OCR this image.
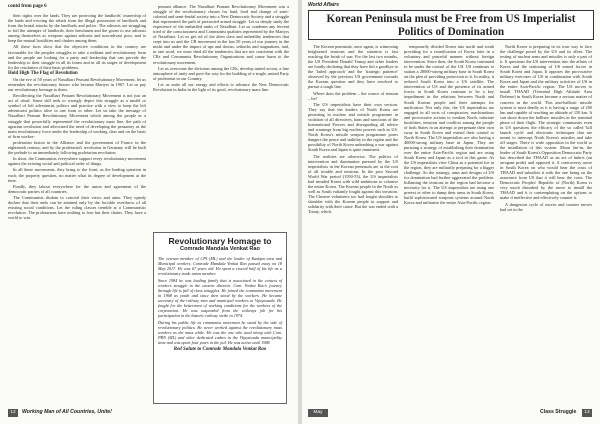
contd from page 6

their rights over the lands. They are protecting the landlords' ownership of the lands and evicting the tribals from the illegal possession of landlords and from the brutal attacks by the landlords and police. The adivasis are struggling to foil the attempts of landlords, their henchmen and the goons to use adivasis among themselves as weapons against adivasis and non-adivasi poor, and to keep the mutual hostilities and clashes among them.

All these facts show that the objective conditions in the country are favourable for the peoples struggles to take a militant and revolutionary form and the people are looking for a party and leadership that can provide the leadership to their struggle in all its forms and in all its stages of development for the resolution of their basic problems.

Hold High The Flag of Revolution

On the eve of 50 years of Naxalbari Peasant Revolutionary Movement, let us remember the revolutionary heroes who became Martyrs in 1967. Let us pay our revolutionary homage to them.

Recollecting the Naxalbari Peasant Revolutionary Movement is not just an act of ritual. Some still seek to wrongly depict this struggle as a model or symbol of left adventurist politics and practice with a view to keep the left adventurist politics alive in one form or other. Let us take the message of Naxalbari Peasant Revolutionary Movement which among the people as a struggle that powerfully represented the revolutionary mass line, the path of agrarian revolution and advocated the need of developing the peasantry as the main revolutionary force under the leadership of working class and on the basis of firm worker-

proletarian fusion in the Alliance and the government of France in the eighteenth century, and by the proletariat's revolution in Germany will be built the prelude to an immediately following proletarian revolution.

In short, the Communists everywhere support every revolutionary movement against the existing social and political order of things.

In all these movements, they bring to the front, as the leading question in each, the property question, no matter what its degree of development at the time.

Finally, they labour everywhere for the union and agreement of the democratic parties of all countries.

The Communists disdain to conceal their views and aims. They openly declare that their ends can be attained only by the forcible overthrow of all existing social conditions. Let the ruling classes tremble at a Communistic revolution. The proletarians have nothing to lose but their chains. They have a world to win.

peasant alliance. The Naxalbari Peasant Revolutionary Movement was a struggle of the revolutionary classes for land, food and change of semi-colonial and semi-feudal society into a New Democratic Society and a struggle that represented the path of protracted armed struggle. Let us deeply study the experience of the embattled ranks of Naxalbari. Let us condemn any fervent tried of the consciousness and Communist qualities represented by the Martyrs of Naxalbari. Let us get rid of the alien class and unhealthy tendencies that crept into us and the CR movement in the last 50 years of our journey in the midst and under the impact of ups and downs, setbacks and stagnations, and, in one word, we must shed all the tendencies that are not consistent with the CRs and Communist Revolutionary Organisations and cause harm to the revolutionary movement.

Let us overcome the divisions among the CRs, develop united action, a fine atmosphere of unity and pave the way for the building of a single, united Party of proletariat in our Country.

Let us unite all our energy and efforts to advance the New Democratic Revolution in India in the light of its good, revolutionary mass line.

Revolutionary Homage to
Comrade Mandala Venkat Rao

The veteran member of CPI (ML) and the leader of Kadapa area and Municipal workers, Comrade Mandala Venkat Rao passed away on 18 May 2017. He was 67 years old. He spent a crucial half of his life as a revolutionary trade union member.

Since 1984 he was leading family that is associated in the context of workers struggle in the eastern districts. Com. Venkat Rao's journey through life is full of class struggles. He joined the communist movement in 1968 as youth and since then stood by the workers. He became secretary of the railway men and municipal workers in Vijayawada. He fought for the betterment of working conditions for the workers of the corporation. He was suspended from the railways job for his participation in the historic railway strike in 1974.

During his public life as communist movement he stood by the side of revolutionary politics. He never worked against the revolutionary mass workers as the mass while. He was the one who used along with Com. PRN (ML) and other dedicated cadres in the Vijayawada municipality area and was apart four years in the jail. He was active until 1988.

Red Salute to Comrade Mandala Venkat Rao

12	Working Man of All Countries, Unite!
World Affairs
Korean Peninsula must be Free from US Imperialist Politics of Domination

The Korean peninsula, once again, is witnessing heightened tensions and the situation is fast reaching the brink of war. For the last two months, the US President Donald Trump and other leaders are loudly declaring that they have bid a goodbye to the 'failed approach' and the 'strategic patience' observed by the previous US government towards the Korean question and they have resolved to pursue a tough line.

Where does the problem – the source of tension – lie?

The US imperialists have their own version. They say that the leaders of North Korea are persisting in nuclear and missile programme in violation of all directives, bans and sanctions of the International Powers and disregarding all advice and warnings from big nuclear powers such as US. North Korea's missile weapon programme poses dangers the peace and stability in the region and the possibility of North Korea unleashing a war against South Korea and Japan is quite imminent.

The realities are otherwise. The politics of intervention and domination pursued by the US imperialists in the Korean peninsula are at the root of all trouble and tensions. In the post Second World War period (1950-53), the US imperialists had invaded Korea with wild ambitions to colonise the entire Korea. The Korean people in the North as well as South valiantly fought against this invasion. The Chinese volunteers too had fought shoulder to shoulder with the Korean people in support and solidarity with their cause. But the war ended with a Treaty, which

temporarily divided Korea into north and south providing for a reunification of Korea later in a voluntary and peaceful manner without foreign intervention. Since then, the South Korea continued to be under the control of the US. US continues to station a 28000-strong military base in South Korea on the plea of providing protection to it. In reality, it reduced South Korea into a US satellite. The intervention of US and the presence of its armed forces in South Korea continue to be a key impediment in the relations between North and South Korean people and their attempts for unification. Not only this, the US imperialists are engaged in all sorts of conspiracies, machinations and provocative actions to weaken North, infuriate hostilities, tensions and conflicts among the people of both States in an attempt to perpetuate their own sway in South Korea and extend their control to North Korea. The US imperialists are also having a 40000-strong military base in Japan. They are pursuing a strategy of establishing their domination over the entire Asia-Pacific region and are using South Korea and Japan as a tool in this game. As the US imperialists view China as a potential foe in the region, they are militarily preparing for a bigger challenge. So the strategy, aims and designs of US for domination had further aggravated the problem. Inflaming the tensions in the region had become a necessity for it. The US imperialists are using one pretext or other to dump their arms in South Korea, build sophisticated weapons systems around North Korea and militarise the entire Asia-Pacific region.

North Korea is preparing in its own way to face the challenge posed by the US and its allies. The testing of nuclear arms and missiles is only a part of it. It questions the US intervention into the affairs of Korea and the stationing of US armed forces in South Korea and Japan. It opposes the provocative military exercises of US in combination with South Korea and Japan and the military activities of US in the entire Asia-Pacific region. The US moves to install THAAD (Terminal High Altitude Area Defense) in South Korea became a serious matter of concern in the world. This anti-ballistic missile system is most deadly as it is having a range of 200 km and capable of reaching an altitude of 150 km. It can shoot down the ballistic missiles in the terminal phase of their flight. The strategic community even in US questions the efficacy of the so called 'kill launch cycle' and electronic techniques that are meant to intercept North Korea's missiles and take off stages. There is wide opposition in the world to the installation of this system. Moon Jae-in, the leader of South Korea's Opposition Democratic Party has described the THAAD as an act of hubris (an arrogant pride) and opposed it. A controversy arose in South Korea on who would bear the costs of THAAD and subsidies it with the one being on the assurance from US that it will bear the costs. The Democratic Peoples' Republic of (North) Korea is very much disturbed by the move to install the THAAD and it is contemplating on the options to make it ineffective and effectively counter it.

A dangerous cycle of moves and counter moves had set in the

May 2017
Class Struggle	13
